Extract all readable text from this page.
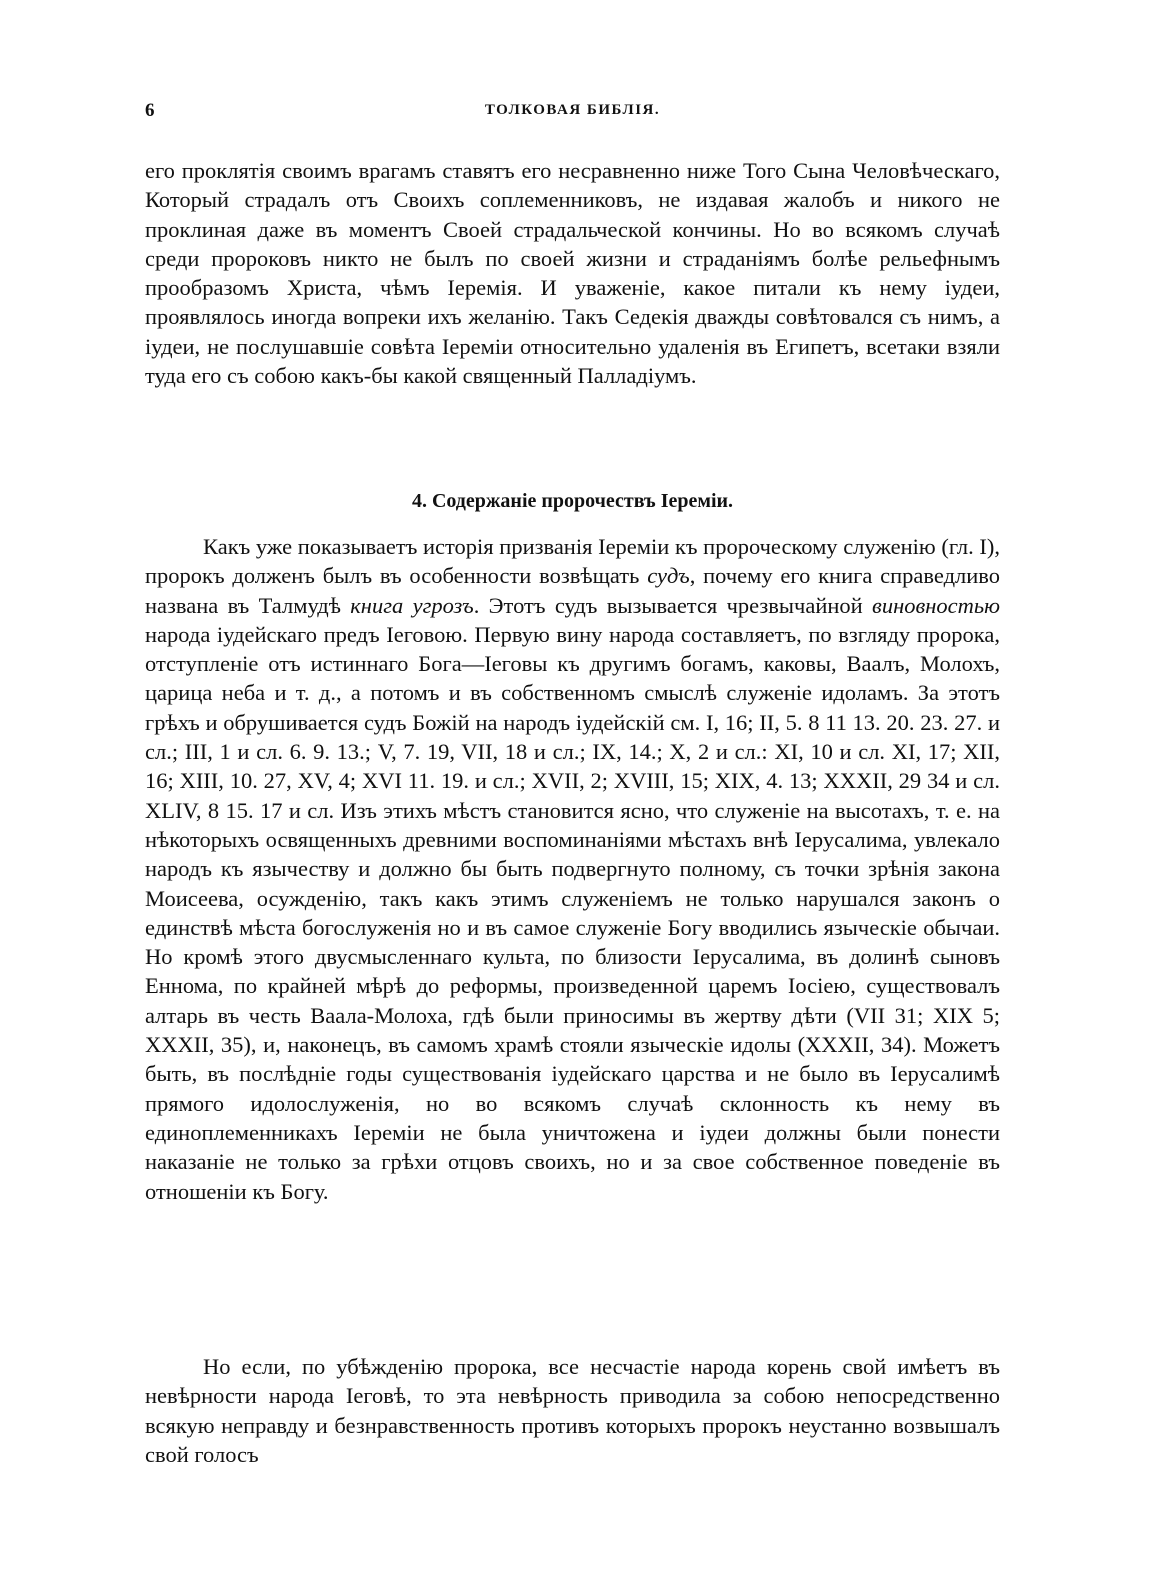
6	ТОЛКОВАЯ БИБЛІЯ.

его проклятія своимъ врагамъ ставятъ его несравненно ниже Того Сына Человѣческаго, Который страдалъ отъ Своихъ соплеменниковъ, не издавая жалобъ и никого не проклиная даже въ моментъ Своей страдальческой кончины. Но во всякомъ случаѣ среди пророковъ никто не былъ по своей жизни и страданіямъ болѣе рельефнымъ прообразомъ Христа, чѣмъ Іеремія. И уваженіе, какое питали къ нему іудеи, проявлялось иногда вопреки ихъ желанію. Такъ Седекія дважды совѣтовался съ нимъ, а іудеи, не послушавшіе совѣта Іереміи относительно удаленія въ Египетъ, всетаки взяли туда его съ собою какъ-бы какой священный Палладіумъ.

4. Содержаніе пророчествъ Іереміи.

Какъ уже показываетъ исторія призванія Іереміи къ пророческому служенію (гл. I), пророкъ долженъ былъ въ особенности возвѣщать судъ, почему его книга справедливо названа въ Талмудѣ книга угрозъ. Этотъ судъ вызывается чрезвычайной виновностью народа іудейскаго предъ Іеговою. Первую вину народа составляетъ, по взгляду пророка, отступленіе отъ истиннаго Бога—Іеговы къ другимъ богамъ, каковы, Ваалъ, Молохъ, царица неба и т. д., а потомъ и въ собственномъ смыслѣ служеніе идоламъ. За этотъ грѣхъ и обрушивается судъ Божій на народъ іудейскій см. I, 16; II, 5. 8 11 13. 20. 23. 27. и сл.; III, 1 и сл. 6. 9. 13.; V, 7. 19, VII, 18 и сл.; IX, 14.; X, 2 и сл.: XI, 10 и сл. XI, 17; XII, 16; XIII, 10. 27, XV, 4; XVI 11. 19. и сл.; XVII, 2; XVIII, 15; XIX, 4. 13; XXXII, 29 34 и сл. XLIV, 8 15. 17 и сл. Изъ этихъ мѣстъ становится ясно, что служеніе на высотахъ, т. е. на нѣкоторыхъ освященныхъ древними воспоминаніями мѣстахъ внѣ Іерусалима, увлекало народъ къ язычеству и должно бы быть подвергнуто полному, съ точки зрѣнія закона Моисеева, осужденію, такъ какъ этимъ служеніемъ не только нарушался законъ о единствѣ мѣста богослуженія но и въ самое служеніе Богу вводились языческіе обычаи. Но кромѣ этого двусмысленнаго культа, по близости Іерусалима, въ долинѣ сыновъ Еннома, по крайней мѣрѣ до реформы, произведенной царемъ Іосіею, существовалъ алтарь въ честь Ваала-Молоха, гдѣ были приносимы въ жертву дѣти (VII 31; XIX 5; XXXII, 35), и, наконецъ, въ самомъ храмѣ стояли языческіе идолы (XXXII, 34). Можетъ быть, въ послѣдніе годы существованія іудейскаго царства и не было въ Іерусалимѣ прямого идолослуженія, но во всякомъ случаѣ склонность къ нему въ единоплеменникахъ Іереміи не была уничтожена и іудеи должны были понести наказаніе не только за грѣхи отцовъ своихъ, но и за свое собственное поведеніе въ отношеніи къ Богу.

Но если, по убѣжденію пророка, все несчастіе народа корень свой имѣетъ въ невѣрности народа Іеговѣ, то эта невѣрность приводила за собою непосредственно всякую неправду и безнравственность противъ которыхъ пророкъ неустанно возвышалъ свой голосъ
